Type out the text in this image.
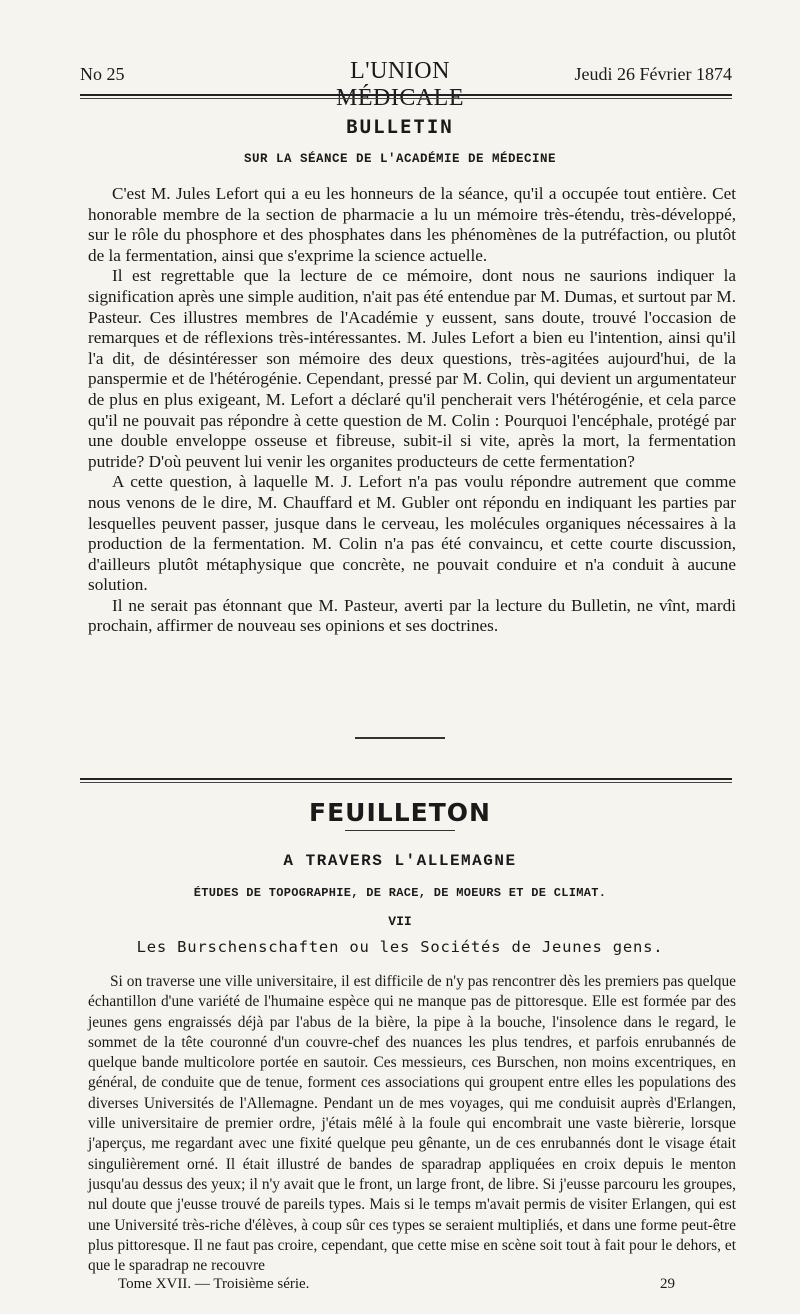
No 25	L'UNION MÉDICALE
Jeudi 26 Février 1874
BULLETIN
SUR LA SÉANCE DE L'ACADÉMIE DE MÉDECINE

C'est M. Jules Lefort qui a eu les honneurs de la séance, qu'il a occupée tout entière. Cet honorable membre de la section de pharmacie a lu un mémoire très-étendu, très-développé, sur le rôle du phosphore et des phosphates dans les phénomènes de la putréfaction, ou plutôt de la fermentation, ainsi que s'exprime la science actuelle.

Il est regrettable que la lecture de ce mémoire, dont nous ne saurions indiquer la signification après une simple audition, n'ait pas été entendue par M. Dumas, et surtout par M. Pasteur. Ces illustres membres de l'Académie y eussent, sans doute, trouvé l'occasion de remarques et de réflexions très-intéressantes. M. Jules Lefort a bien eu l'intention, ainsi qu'il l'a dit, de désintéresser son mémoire des deux questions, très-agitées aujourd'hui, de la panspermie et de l'hétérogénie. Cependant, pressé par M. Colin, qui devient un argumentateur de plus en plus exigeant, M. Lefort a déclaré qu'il pencherait vers l'hétérogénie, et cela parce qu'il ne pouvait pas répondre à cette question de M. Colin : Pourquoi l'encéphale, protégé par une double enveloppe osseuse et fibreuse, subit-il si vite, après la mort, la fermentation putride? D'où peuvent lui venir les organites producteurs de cette fermentation?

A cette question, à laquelle M. J. Lefort n'a pas voulu répondre autrement que comme nous venons de le dire, M. Chauffard et M. Gubler ont répondu en indiquant les parties par lesquelles peuvent passer, jusque dans le cerveau, les molécules organiques nécessaires à la production de la fermentation. M. Colin n'a pas été convaincu, et cette courte discussion, d'ailleurs plutôt métaphysique que concrète, ne pouvait conduire et n'a conduit à aucune solution.

Il ne serait pas étonnant que M. Pasteur, averti par la lecture du Bulletin, ne vînt, mardi prochain, affirmer de nouveau ses opinions et ses doctrines.

FEUILLETON
A TRAVERS L'ALLEMAGNE
ÉTUDES DE TOPOGRAPHIE, DE RACE, DE MOEURS ET DE CLIMAT.
VII
Les Burschenschaften ou les Sociétés de Jeunes gens.

Si on traverse une ville universitaire, il est difficile de n'y pas rencontrer dès les premiers pas quelque échantillon d'une variété de l'humaine espèce qui ne manque pas de pittoresque. Elle est formée par des jeunes gens engraissés déjà par l'abus de la bière, la pipe à la bouche, l'insolence dans le regard, le sommet de la tête couronné d'un couvre-chef des nuances les plus tendres, et parfois enrubannés de quelque bande multicolore portée en sautoir. Ces messieurs, ces Burschen, non moins excentriques, en général, de conduite que de tenue, forment ces associations qui groupent entre elles les populations des diverses Universités de l'Allemagne. Pendant un de mes voyages, qui me conduisit auprès d'Erlangen, ville universitaire de premier ordre, j'étais mêlé à la foule qui encombrait une vaste bièrerie, lorsque j'aperçus, me regardant avec une fixité quelque peu gênante, un de ces enrubannés dont le visage était singulièrement orné. Il était illustré de bandes de sparadrap appliquées en croix depuis le menton jusqu'au dessus des yeux; il n'y avait que le front, un large front, de libre. Si j'eusse parcouru les groupes, nul doute que j'eusse trouvé de pareils types. Mais si le temps m'avait permis de visiter Erlangen, qui est une Université très-riche d'élèves, à coup sûr ces types se seraient multipliés, et dans une forme peut-être plus pittoresque. Il ne faut pas croire, cependant, que cette mise en scène soit tout à fait pour le dehors, et que le sparadrap ne recouvre

Tome XVII. — Troisième série.	29
